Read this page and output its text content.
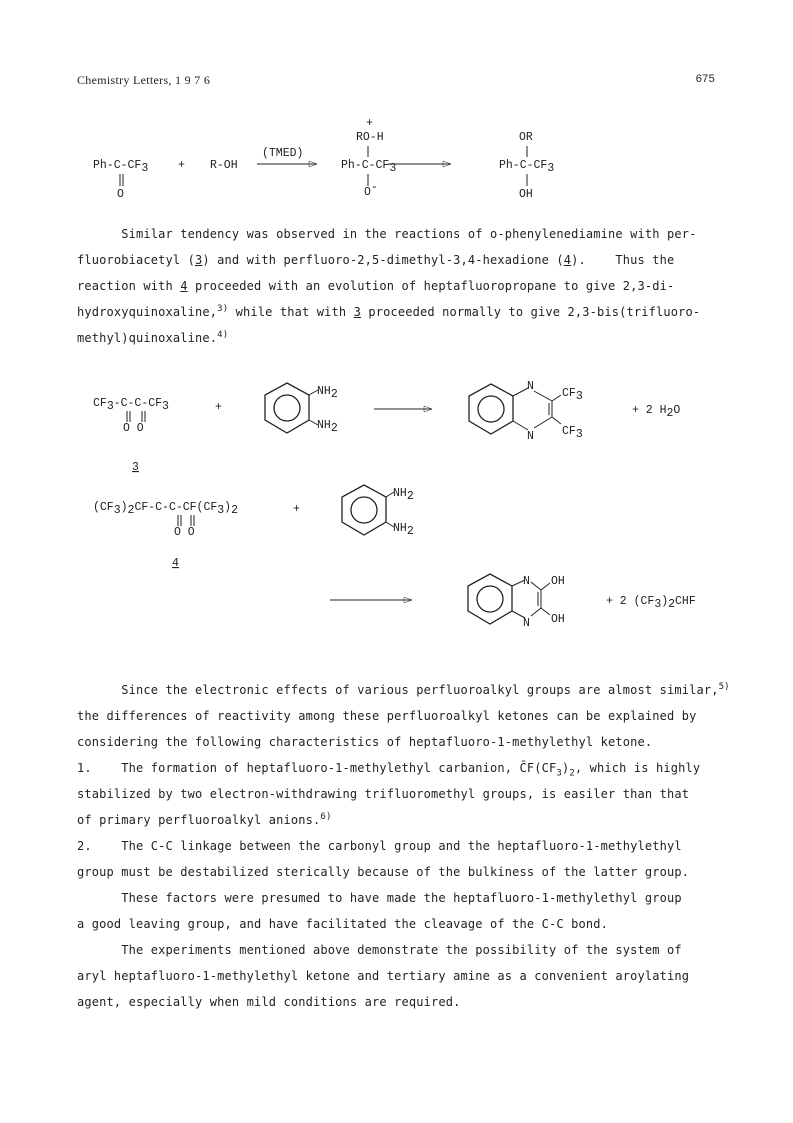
Chemistry Letters, 1 9 7 6	675
Ph-C-CF3
O
+ R-OH
(TMED)
+
RO-H
Ph-C-CF3
O-
OR
Ph-C-CF3
OH
CF3-C-C-CF3
O O
3
+
NH2
NH2
N
N
CF3
CF3
+ 2 H2O
(CF3)2CF-C-C-CF(CF3)2
O O
4
+
NH2
NH2
N
N
OH
OH
+ 2 (CF3)2CHF
Similar tendency was observed in the reactions of o-phenylenediamine with per-
fluorobiacetyl (3) and with perfluoro-2,5-dimethyl-3,4-hexadione (4).    Thus the
reaction with 4 proceeded with an evolution of heptafluoropropane to give 2,3-di-
hydroxyquinoxaline,$^{3)}$ while that with 3 proceeded normally to give 2,3-bis(trifluoro-
methyl)quinoxaline.$^{4)}$
Since the electronic effects of various perfluoroalkyl groups are almost similar,$^{5)}$
the differences of reactivity among these perfluoroalkyl ketones can be explained by
considering the following characteristics of heptafluoro-1-methylethyl ketone.
1.    The formation of heptafluoro-1-methylethyl carbanion, $C̄F(CF_3)_2$, which is highly
stabilized by two electron-withdrawing trifluoromethyl groups, is easiler than that
of primary perfluoroalkyl anions.$^{6)}$
2.    The C-C linkage between the carbonyl group and the heptafluoro-1-methylethyl
group must be destabilized sterically because of the bulkiness of the latter group.
These factors were presumed to have made the heptafluoro-1-methylethyl group
a good leaving group, and have facilitated the cleavage of the C-C bond.
The experiments mentioned above demonstrate the possibility of the system of
aryl heptafluoro-1-methylethyl ketone and tertiary amine as a convenient aroylating
agent, especially when mild conditions are required.
